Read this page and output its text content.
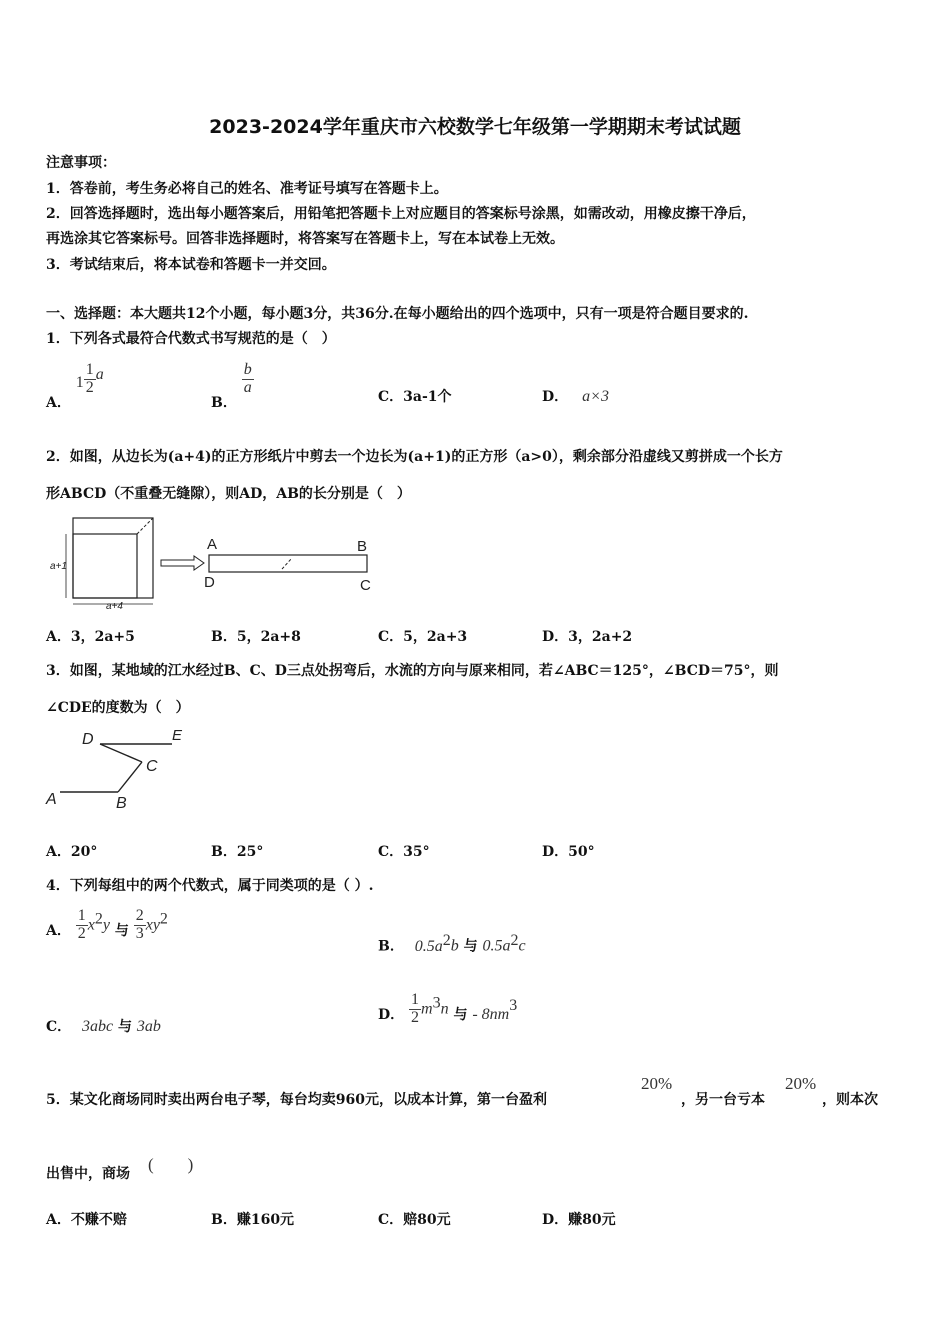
2023-2024学年重庆市六校数学七年级第一学期期末考试试题
注意事项：
1．答卷前，考生务必将自己的姓名、准考证号填写在答题卡上。
2．回答选择题时，选出每小题答案后，用铅笔把答题卡上对应题目的答案标号涂黑，如需改动，用橡皮擦干净后，
再选涂其它答案标号。回答非选择题时，将答案写在答题卡上，写在本试卷上无效。
3．考试结束后，将本试卷和答题卡一并交回。
一、选择题：本大题共12个小题，每小题3分，共36分.在每小题给出的四个选项中，只有一项是符合题目要求的.
1．下列各式最符合代数式书写规范的是（　）
A． $1 \frac{1}{2}$ a
B．
$\frac{b}{a}$
C．3a-1个	D． a×3
2．如图，从边长为(a+4)的正方形纸片中剪去一个边长为(a+1)的正方形（a>0），剩余部分沿虚线又剪拼成一个长方
形ABCD（不重叠无缝隙），则AD，AB的长分别是（　）
a+1
a+4
A	B
C
D
A．3，2a+5	B．5，2a+8	C．5，2a+3	D．3，2a+2
3．如图，某地域的江水经过B、C、D三点处拐弯后，水流的方向与原来相同，若∠ABC＝125°，∠BCD＝75°，则
∠CDE的度数为（　）
D	E
C
A	B
A．20°	B．25°	C．35°	D．50°
4．下列每组中的两个代数式，属于同类项的是（ ）.
A． $\frac{1}{2} x^2y$ 与 $\frac{2}{3} xy^2$
B． $0.5a^2b$ 与 $0.5a^2c$
C． 3abc 与 3ab
D． $\frac{1}{2} m^3n$ 与 - $8nm^3$
5．某文化商场同时卖出两台电子琴，每台均卖960元，以成本计算，第一台盈利
20%
，另一台亏本
20%
，则本次
出售中，商场 (　　)
A．不赚不赔	B．赚160元	C．赔80元	D．赚80元
